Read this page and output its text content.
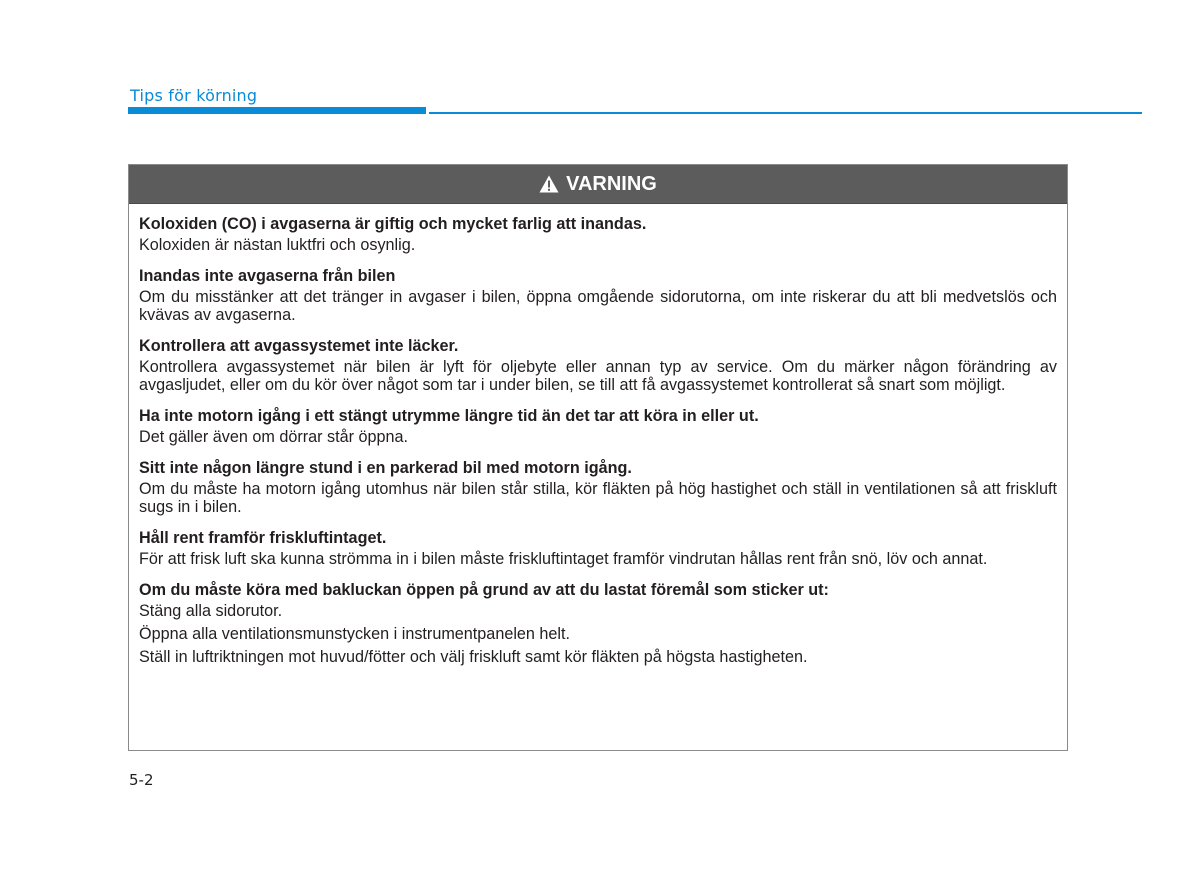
Tips för körning
VARNING
Koloxiden (CO) i avgaserna är giftig och mycket farlig att inandas.
Koloxiden är nästan luktfri och osynlig.
Inandas inte avgaserna från bilen
Om du misstänker att det tränger in avgaser i bilen, öppna omgående sidorutorna, om inte riskerar du att bli medvetslös och kvävas av avgaserna.
Kontrollera att avgassystemet inte läcker.
Kontrollera avgassystemet när bilen är lyft för oljebyte eller annan typ av service. Om du märker någon förändring av avgasljudet, eller om du kör över något som tar i under bilen, se till att få avgassystemet kontrollerat så snart som möjligt.
Ha inte motorn igång i ett stängt utrymme längre tid än det tar att köra in eller ut.
Det gäller även om dörrar står öppna.
Sitt inte någon längre stund i en parkerad bil med motorn igång.
Om du måste ha motorn igång utomhus när bilen står stilla, kör fläkten på hög hastighet och ställ in ventilationen så att friskluft sugs in i bilen.
Håll rent framför friskluftintaget.
För att frisk luft ska kunna strömma in i bilen måste friskluftintaget framför vindrutan hållas rent från snö, löv och annat.
Om du måste köra med bakluckan öppen på grund av att du lastat föremål som sticker ut:
Stäng alla sidorutor.
Öppna alla ventilationsmunstycken i instrumentpanelen helt.
Ställ in luftriktningen mot huvud/fötter och välj friskluft samt kör fläkten på högsta hastigheten.
5-2
